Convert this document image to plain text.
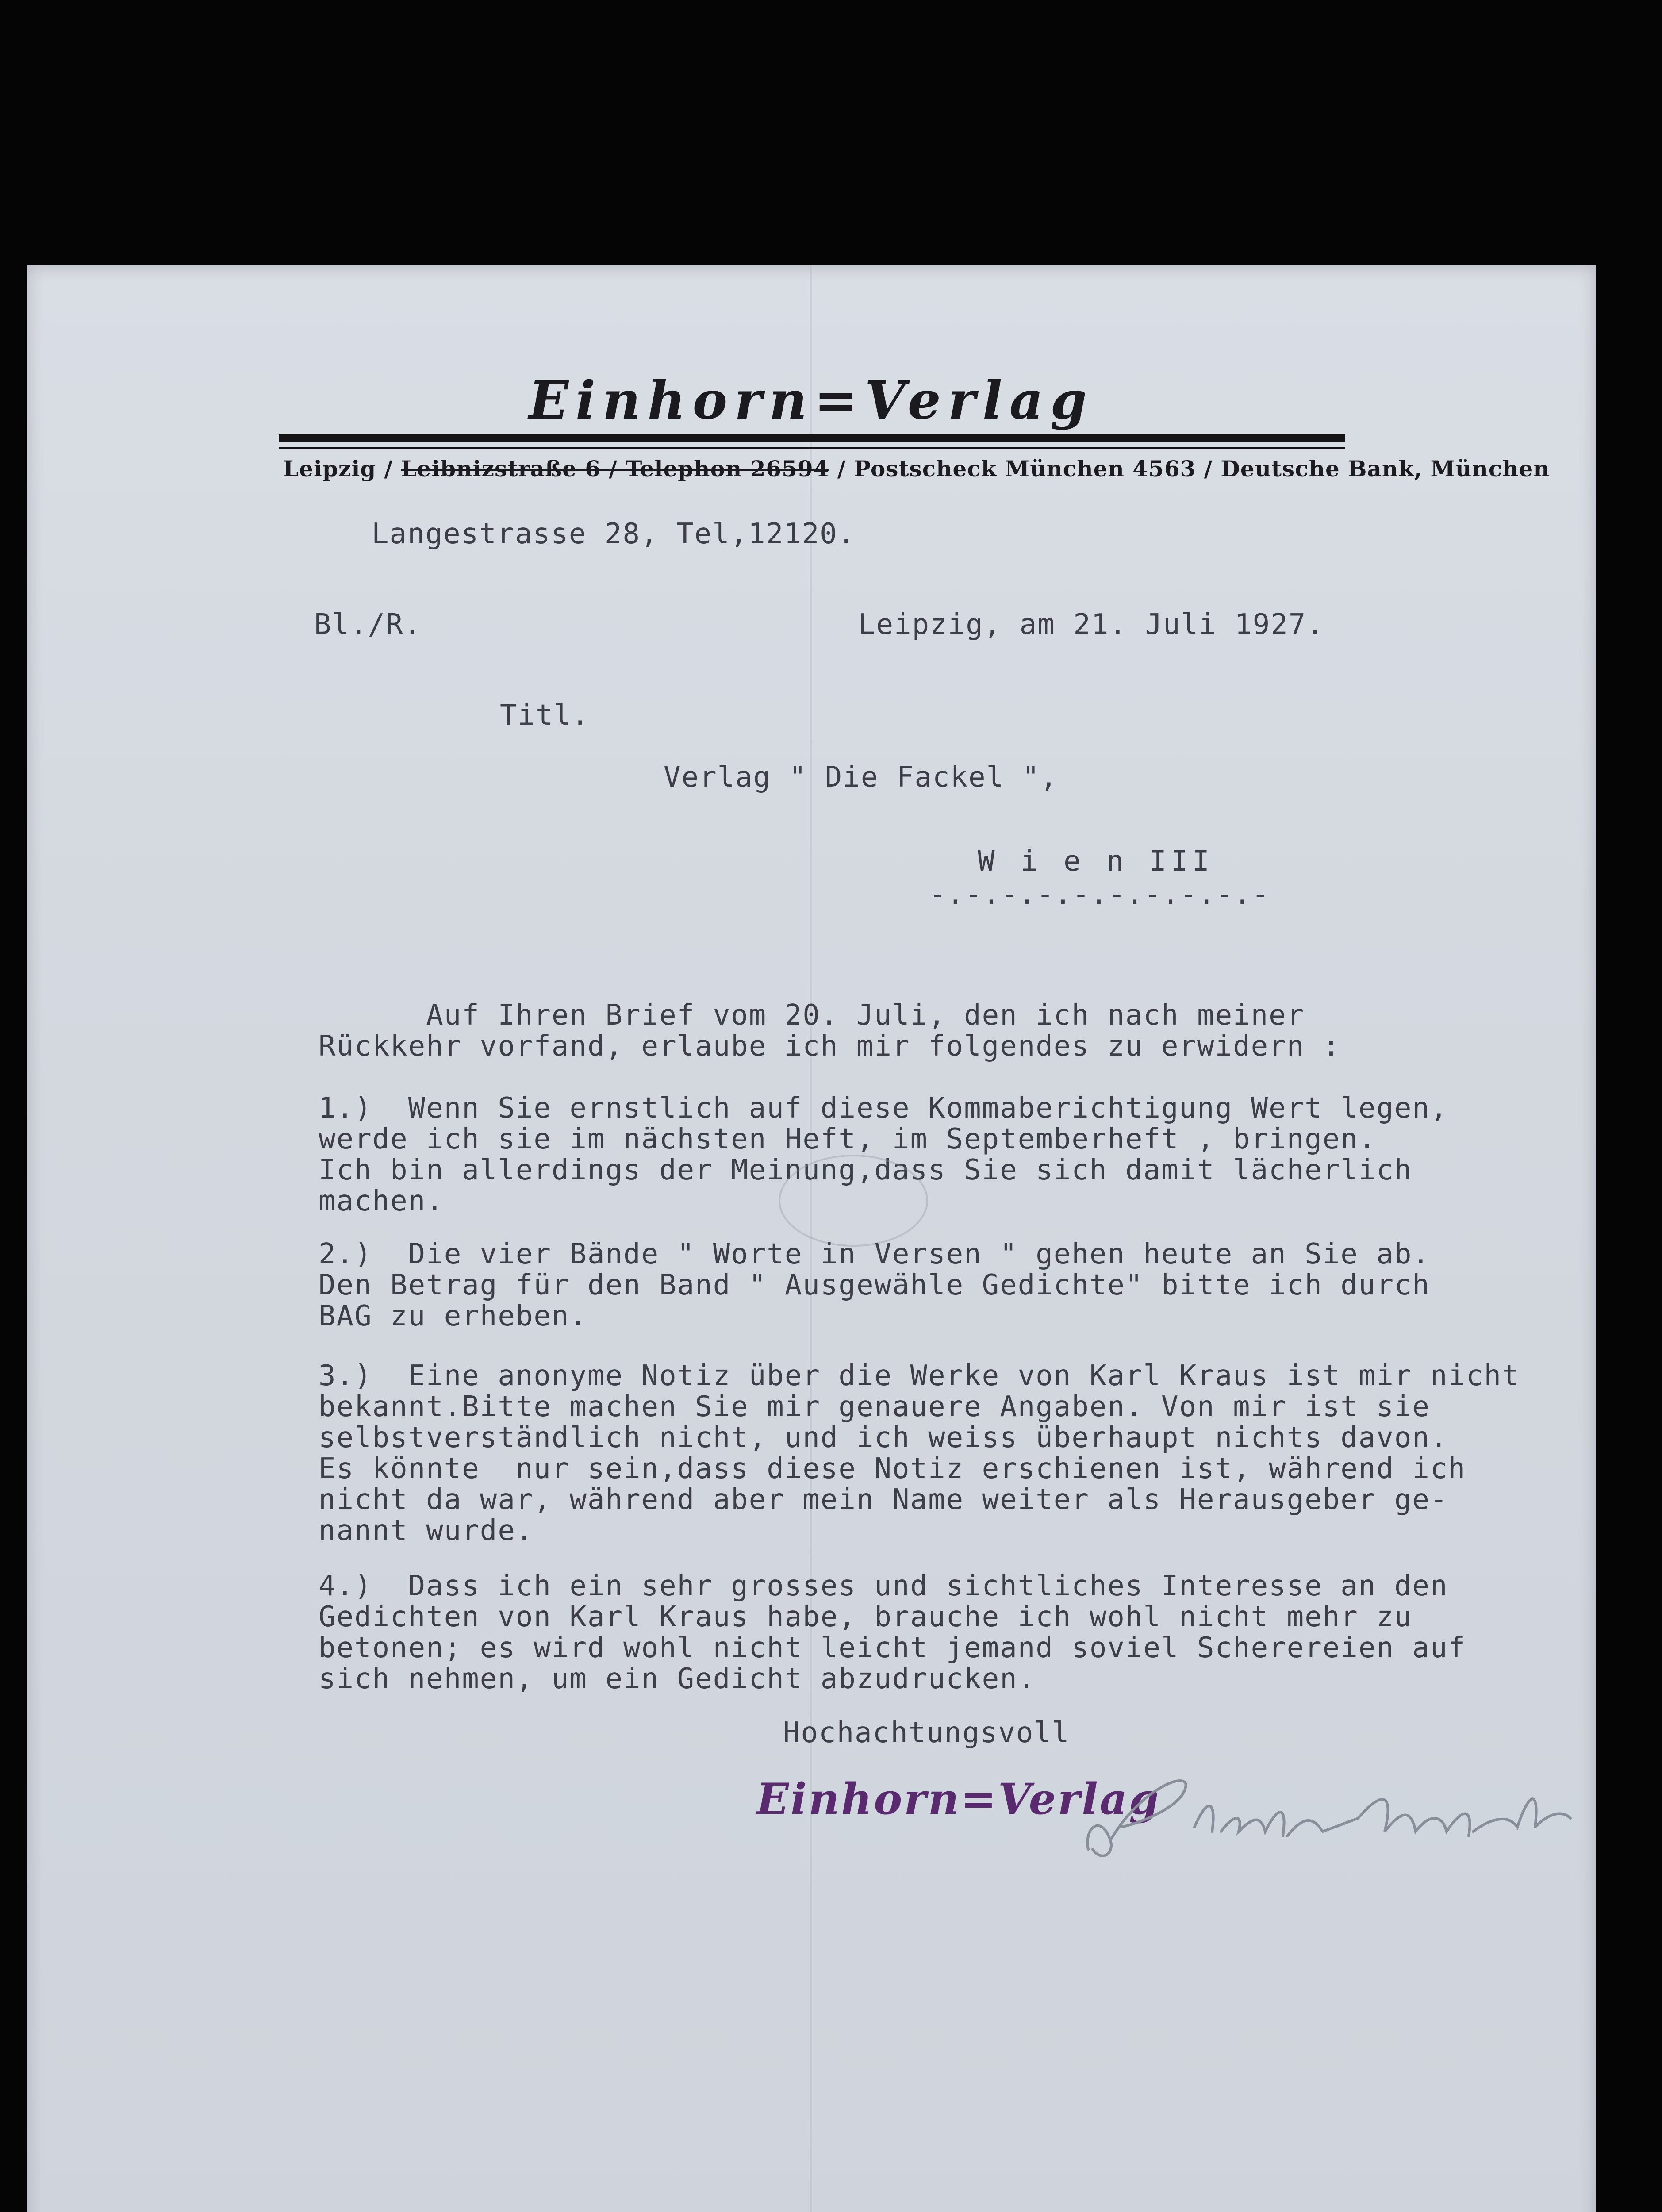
Einhorn=Verlag
Leipzig / Leibnizstraße 6 / Telephon 26594 / Postscheck München 4563 / Deutsche Bank, München
Langestrasse 28, Tel,12120.
Bl./R.	Leipzig, am 21. Juli 1927.
Titl.
Verlag " Die Fackel ",
W i e n III
-.-.-.-.-.-.-.-.-.-
Auf Ihren Brief vom 20. Juli, den ich nach meiner
Rückkehr vorfand, erlaube ich mir folgendes zu erwidern :
1.)  Wenn Sie ernstlich auf diese Kommaberichtigung Wert legen,
werde ich sie im nächsten Heft, im Septemberheft , bringen.
Ich bin allerdings der Meinung,dass Sie sich damit lächerlich
machen.
2.)  Die vier Bände " Worte in Versen " gehen heute an Sie ab.
Den Betrag für den Band " Ausgewähle Gedichte" bitte ich durch
BAG zu erheben.
3.)  Eine anonyme Notiz über die Werke von Karl Kraus ist mir nicht
bekannt.Bitte machen Sie mir genauere Angaben. Von mir ist sie
selbstverständlich nicht, und ich weiss überhaupt nichts davon.
Es könnte  nur sein,dass diese Notiz erschienen ist, während ich
nicht da war, während aber mein Name weiter als Herausgeber ge-
nannt wurde.
4.)  Dass ich ein sehr grosses und sichtliches Interesse an den
Gedichten von Karl Kraus habe, brauche ich wohl nicht mehr zu
betonen; es wird wohl nicht leicht jemand soviel Scherereien auf
sich nehmen, um ein Gedicht abzudrucken.
Hochachtungsvoll
Einhorn=Verlag
